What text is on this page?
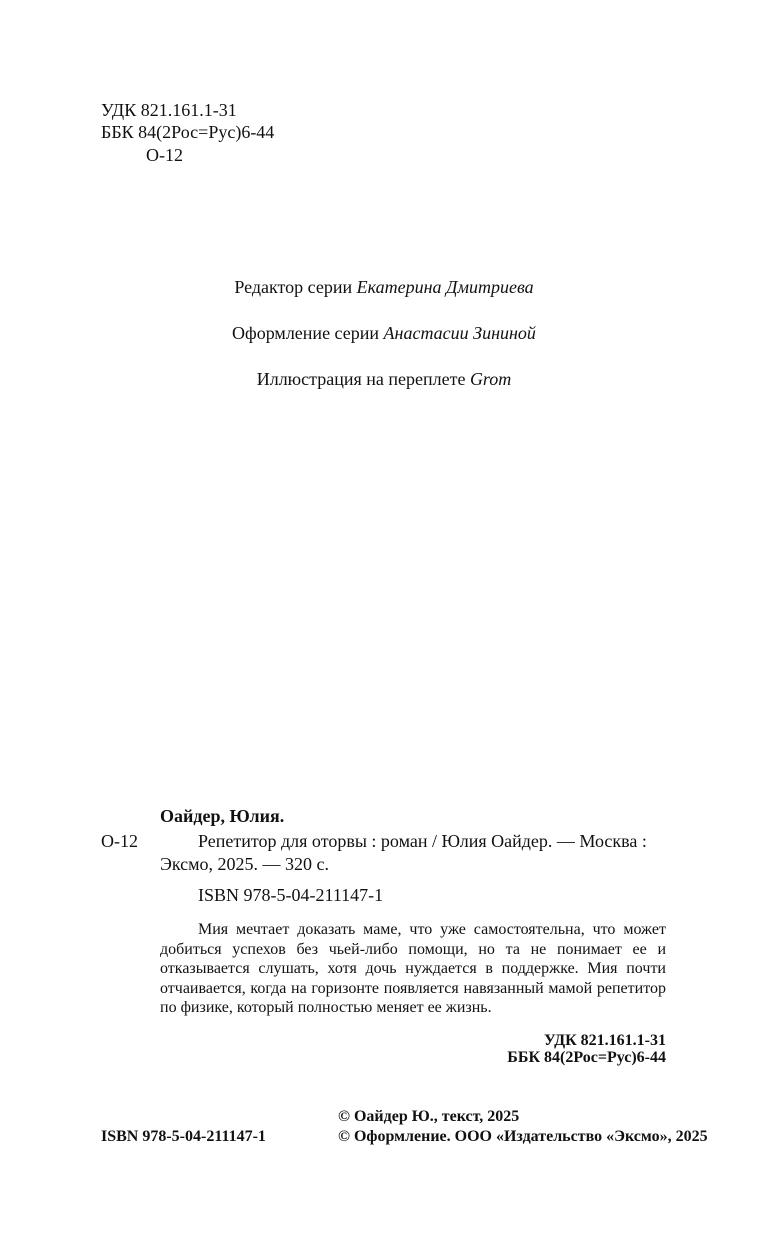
УДК 821.161.1-31
ББК 84(2Рос=Рус)6-44
О-12
Редактор серии Екатерина Дмитриева
Оформление серии Анастасии Зининой
Иллюстрация на переплете Grom
Оайдер, Юлия.
О-12	Репетитор для оторвы : роман / Юлия Оайдер. — Москва :
Эксмо, 2025. — 320 с.
ISBN 978-5-04-211147-1
Мия мечтает доказать маме, что уже самостоятельна, что может добиться успехов без чьей-либо помощи, но та не понимает ее и отказывается слушать, хотя дочь нуждается в поддержке. Мия почти отчаивается, когда на горизонте появляется навязанный мамой репетитор по физике, который полностью меняет ее жизнь.
УДК 821.161.1-31
ББК 84(2Рос=Рус)6-44
ISBN 978-5-04-211147-1
© Оайдер Ю., текст, 2025
© Оформление. ООО «Издательство «Эксмо», 2025
